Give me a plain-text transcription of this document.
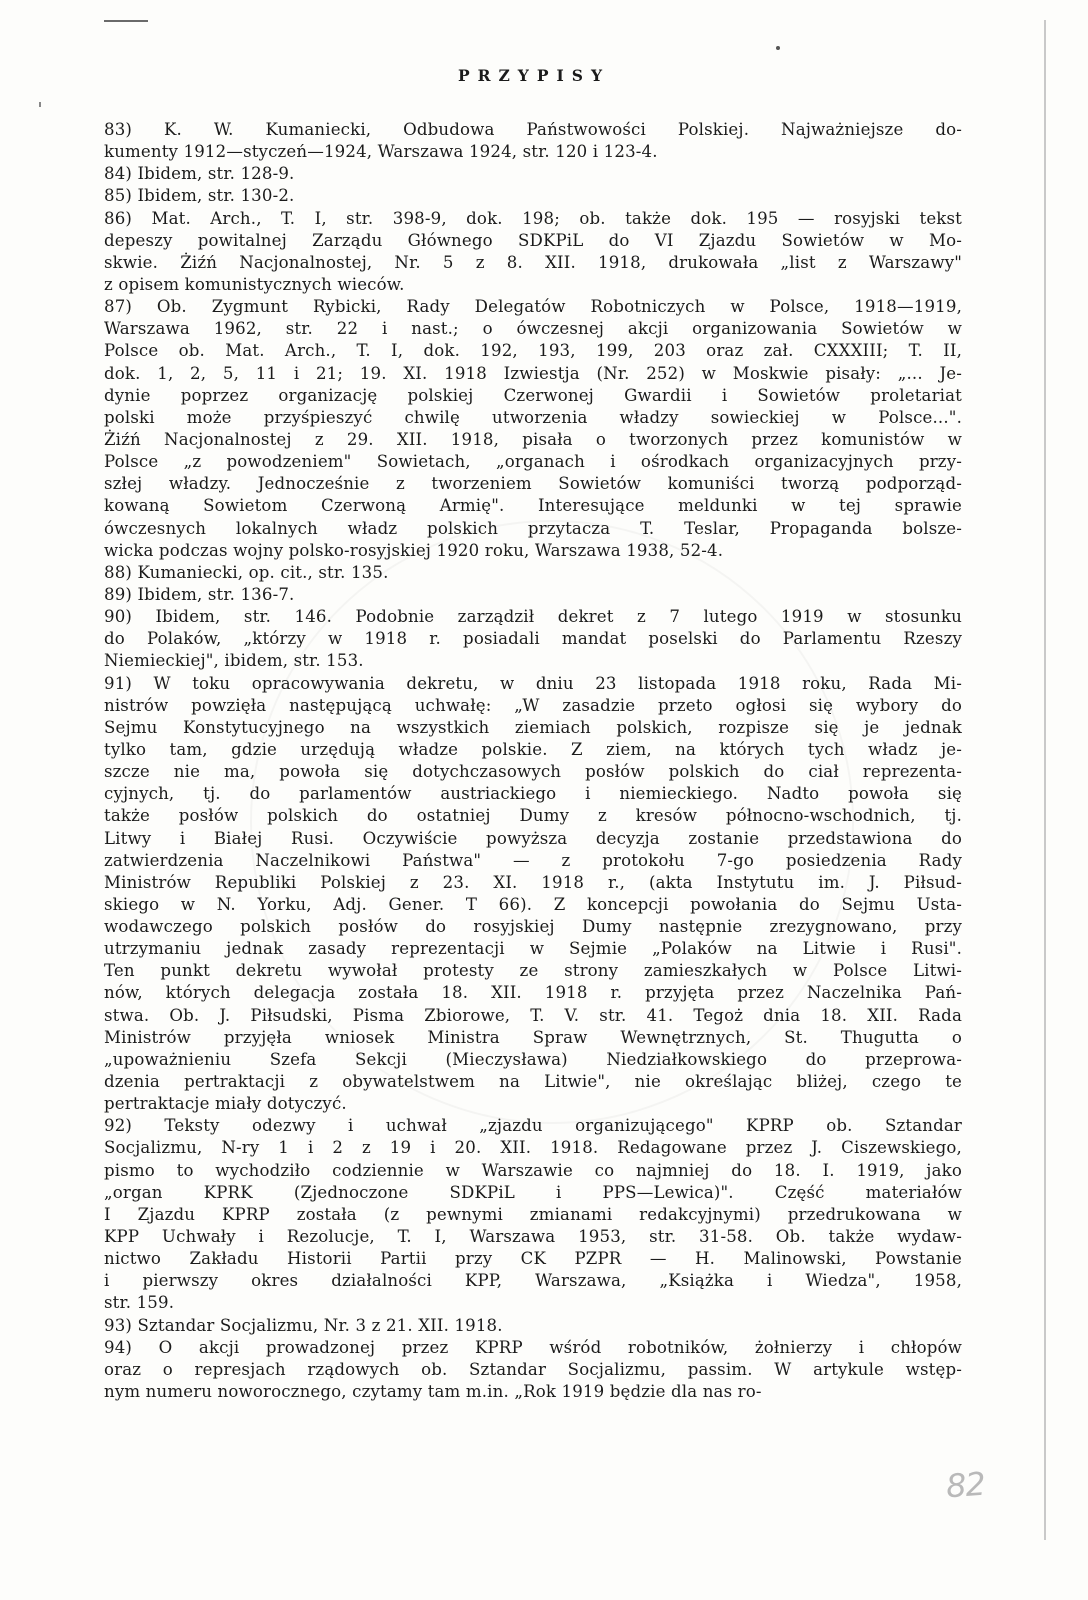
PRZYPISY
83) K. W. Kumaniecki, Odbudowa Państwowości Polskiej. Najważniejsze do-
kumenty 1912—styczeń—1924, Warszawa 1924, str. 120 i 123-4.
84) Ibidem, str. 128-9.
85) Ibidem, str. 130-2.
86) Mat. Arch., T. I, str. 398-9, dok. 198; ob. także dok. 195 — rosyjski tekst
depeszy powitalnej Zarządu Głównego SDKPiL do VI Zjazdu Sowietów w Mo-
skwie. Żiźń Nacjonalnostej, Nr. 5 z 8. XII. 1918, drukowała „list z Warszawy"
z opisem komunistycznych wieców.
87) Ob. Zygmunt Rybicki, Rady Delegatów Robotniczych w Polsce, 1918—1919,
Warszawa 1962, str. 22 i nast.; o ówczesnej akcji organizowania Sowietów w
Polsce ob. Mat. Arch., T. I, dok. 192, 193, 199, 203 oraz zał. CXXXIII; T. II,
dok. 1, 2, 5, 11 i 21; 19. XI. 1918 Izwiestja (Nr. 252) w Moskwie pisały: „... Je-
dynie poprzez organizację polskiej Czerwonej Gwardii i Sowietów proletariat
polski może przyśpieszyć chwilę utworzenia władzy sowieckiej w Polsce...".
Żiźń Nacjonalnostej z 29. XII. 1918, pisała o tworzonych przez komunistów w
Polsce „z powodzeniem" Sowietach, „organach i ośrodkach organizacyjnych przy-
szłej władzy. Jednocześnie z tworzeniem Sowietów komuniści tworzą podporząd-
kowaną Sowietom Czerwoną Armię". Interesujące meldunki w tej sprawie
ówczesnych lokalnych władz polskich przytacza T. Teslar, Propaganda bolsze-
wicka podczas wojny polsko-rosyjskiej 1920 roku, Warszawa 1938, 52-4.
88) Kumaniecki, op. cit., str. 135.
89) Ibidem, str. 136-7.
90) Ibidem, str. 146. Podobnie zarządził dekret z 7 lutego 1919 w stosunku
do Polaków, „którzy w 1918 r. posiadali mandat poselski do Parlamentu Rzeszy
Niemieckiej", ibidem, str. 153.
91) W toku opracowywania dekretu, w dniu 23 listopada 1918 roku, Rada Mi-
nistrów powzięła następującą uchwałę: „W zasadzie przeto ogłosi się wybory do
Sejmu Konstytucyjnego na wszystkich ziemiach polskich, rozpisze się je jednak
tylko tam, gdzie urzędują władze polskie. Z ziem, na których tych władz je-
szcze nie ma, powoła się dotychczasowych posłów polskich do ciał reprezenta-
cyjnych, tj. do parlamentów austriackiego i niemieckiego. Nadto powoła się
także posłów polskich do ostatniej Dumy z kresów północno-wschodnich, tj.
Litwy i Białej Rusi. Oczywiście powyższa decyzja zostanie przedstawiona do
zatwierdzenia Naczelnikowi Państwa" — z protokołu 7-go posiedzenia Rady
Ministrów Republiki Polskiej z 23. XI. 1918 r., (akta Instytutu im. J. Piłsud-
skiego w N. Yorku, Adj. Gener. T 66). Z koncepcji powołania do Sejmu Usta-
wodawczego polskich posłów do rosyjskiej Dumy następnie zrezygnowano, przy
utrzymaniu jednak zasady reprezentacji w Sejmie „Polaków na Litwie i Rusi".
Ten punkt dekretu wywołał protesty ze strony zamieszkałych w Polsce Litwi-
nów, których delegacja została 18. XII. 1918 r. przyjęta przez Naczelnika Pań-
stwa. Ob. J. Piłsudski, Pisma Zbiorowe, T. V. str. 41. Tegoż dnia 18. XII. Rada
Ministrów przyjęła wniosek Ministra Spraw Wewnętrznych, St. Thugutta o
„upoważnieniu Szefa Sekcji (Mieczysława) Niedziałkowskiego do przeprowa-
dzenia pertraktacji z obywatelstwem na Litwie", nie określając bliżej, czego te
pertraktacje miały dotyczyć.
92) Teksty odezwy i uchwał „zjazdu organizującego" KPRP ob. Sztandar
Socjalizmu, N-ry 1 i 2 z 19 i 20. XII. 1918. Redagowane przez J. Ciszewskiego,
pismo to wychodziło codziennie w Warszawie co najmniej do 18. I. 1919, jako
„organ KPRK (Zjednoczone SDKPiL i PPS—Lewica)". Część materiałów
I Zjazdu KPRP została (z pewnymi zmianami redakcyjnymi) przedrukowana w
KPP Uchwały i Rezolucje, T. I, Warszawa 1953, str. 31-58. Ob. także wydaw-
nictwo Zakładu Historii Partii przy CK PZPR — H. Malinowski, Powstanie
i pierwszy okres działalności KPP, Warszawa, „Książka i Wiedza", 1958,
str. 159.
93) Sztandar Socjalizmu, Nr. 3 z 21. XII. 1918.
94) O akcji prowadzonej przez KPRP wśród robotników, żołnierzy i chłopów
oraz o represjach rządowych ob. Sztandar Socjalizmu, passim. W artykule wstęp-
nym numeru noworocznego, czytamy tam m.in. „Rok 1919 będzie dla nas ro-
82
